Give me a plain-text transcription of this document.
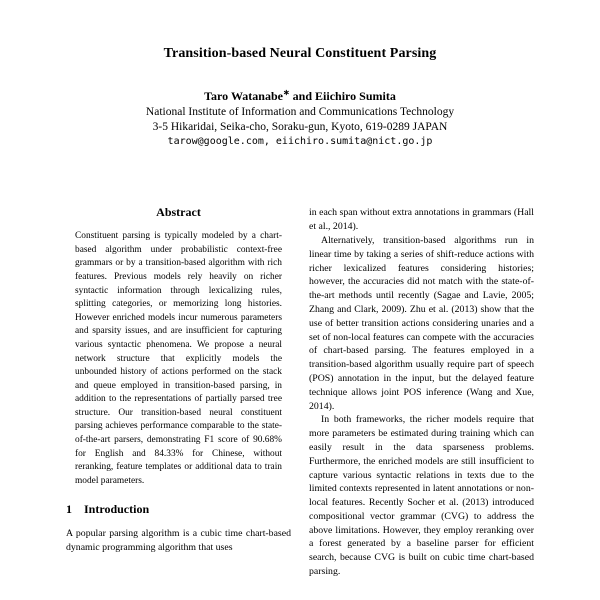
Transition-based Neural Constituent Parsing
Taro Watanabe∗ and Eiichiro Sumita
National Institute of Information and Communications Technology
3-5 Hikaridai, Seika-cho, Soraku-gun, Kyoto, 619-0289 JAPAN
tarow@google.com, eiichiro.sumita@nict.go.jp
Abstract
Constituent parsing is typically modeled by a chart-based algorithm under probabilistic context-free grammars or by a transition-based algorithm with rich features. Previous models rely heavily on richer syntactic information through lexicalizing rules, splitting categories, or memorizing long histories. However enriched models incur numerous parameters and sparsity issues, and are insufficient for capturing various syntactic phenomena. We propose a neural network structure that explicitly models the unbounded history of actions performed on the stack and queue employed in transition-based parsing, in addition to the representations of partially parsed tree structure. Our transition-based neural constituent parsing achieves performance comparable to the state-of-the-art parsers, demonstrating F1 score of 90.68% for English and 84.33% for Chinese, without reranking, feature templates or additional data to train model parameters.
1 Introduction

A popular parsing algorithm is a cubic time chart-based dynamic programming algorithm that uses

in each span without extra annotations in grammars (Hall et al., 2014).

Alternatively, transition-based algorithms run in linear time by taking a series of shift-reduce actions with richer lexicalized features considering histories; however, the accuracies did not match with the state-of-the-art methods until recently (Sagae and Lavie, 2005; Zhang and Clark, 2009). Zhu et al. (2013) show that the use of better transition actions considering unaries and a set of non-local features can compete with the accuracies of chart-based parsing. The features employed in a transition-based algorithm usually require part of speech (POS) annotation in the input, but the delayed feature technique allows joint POS inference (Wang and Xue, 2014).

In both frameworks, the richer models require that more parameters be estimated during training which can easily result in the data sparseness problems. Furthermore, the enriched models are still insufficient to capture various syntactic relations in texts due to the limited contexts represented in latent annotations or non-local features. Recently Socher et al. (2013) introduced compositional vector grammar (CVG) to address the above limitations. However, they employ reranking over a forest generated by a baseline parser for efficient search, because CVG is built on cubic time chart-based parsing.
